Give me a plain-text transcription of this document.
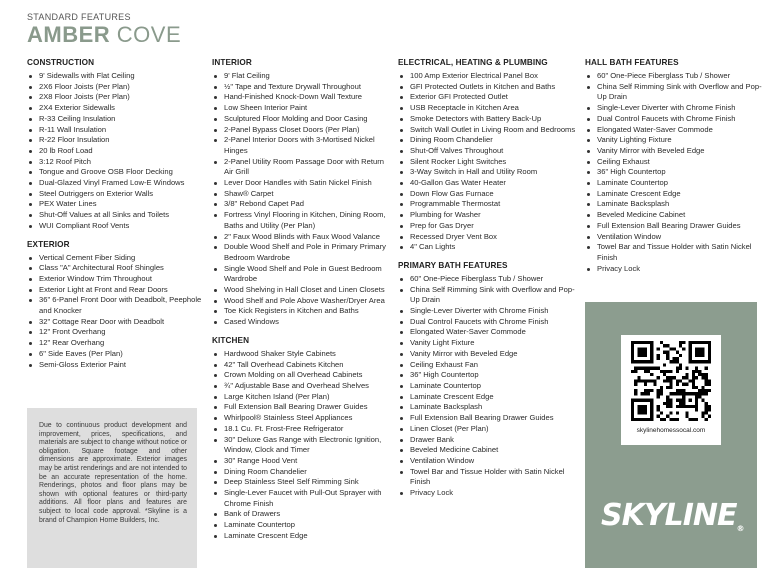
STANDARD FEATURES
AMBER COVE
CONSTRUCTION
9' Sidewalls with Flat Ceiling
2X6 Floor Joists (Per Plan)
2X8 Floor Joists (Per Plan)
2X4 Exterior Sidewalls
R-33 Ceiling Insulation
R-11 Wall Insulation
R-22 Floor Insulation
20 lb Roof Load
3:12 Roof Pitch
Tongue and Groove OSB Floor Decking
Dual-Glazed Vinyl Framed Low-E Windows
Steel Outriggers on Exterior Walls
PEX Water Lines
Shut-Off Values at all Sinks and Toilets
WUI Compliant Roof Vents
EXTERIOR
Vertical Cement Fiber Siding
Class "A" Architectural Roof Shingles
Exterior Window Trim Throughout
Exterior Light at Front and Rear Doors
36" 6-Panel Front Door with Deadbolt, Peephole and Knocker
32" Cottage Rear Door with Deadbolt
12" Front Overhang
12" Rear Overhang
6" Side Eaves (Per Plan)
Semi-Gloss Exterior Paint

Due to continuous product development and improvement, prices, specifications, and materials are subject to change without notice or obligation. Square footage and other dimensions are approximate. Exterior images may be artist renderings and are not intended to be an accurate representation of the home. Renderings, photos and floor plans may be shown with optional features or third-party additions. All floor plans and features are subject to local code approval. *Skyline is a brand of Champion Home Builders, Inc.

INTERIOR
9' Flat Ceiling
½" Tape and Texture Drywall Throughout
Hand-Finished Knock-Down Wall Texture
Low Sheen Interior Paint
Sculptured Floor Molding and Door Casing
2-Panel Bypass Closet Doors (Per Plan)
2-Panel Interior Doors with 3-Mortised Nickel Hinges
2-Panel Utility Room Passage Door with Return Air Grill
Lever Door Handles with Satin Nickel Finish
Shaw® Carpet
3/8" Rebond Capet Pad
Fortress Vinyl Flooring in Kitchen, Dining Room, Baths and Utility (Per Plan)
2" Faux Wood Blinds with Faux Wood Valance
Double Wood Shelf and Pole in Primary Primary Bedroom Wardrobe
Single Wood Shelf and Pole in Guest Bedroom Wardrobe
Wood Shelving in Hall Closet and Linen Closets
Wood Shelf and Pole Above Washer/Dryer Area
Toe Kick Registers in Kitchen and Baths
Cased Windows
KITCHEN
Hardwood Shaker Style Cabinets
42" Tall Overhead Cabinets Kitchen
Crown Molding on all Overhead Cabinets
¾" Adjustable Base and Overhead Shelves
Large Kitchen Island (Per Plan)
Full Extension Ball Bearing Drawer Guides
Whirlpool® Stainless Steel Appliances
18.1 Cu. Ft. Frost-Free Refrigerator
30" Deluxe Gas Range with Electronic Ignition, Window, Clock and Timer
30" Range Hood Vent
Dining Room Chandelier
Deep Stainless Steel Self Rimming Sink
Single-Lever Faucet with Pull-Out Sprayer with Chrome Finish
Bank of Drawers
Laminate Countertop
Laminate Crescent Edge
ELECTRICAL, HEATING & PLUMBING
100 Amp Exterior Electrical Panel Box
GFI Protected Outlets in Kitchen and Baths
Exterior GFI Protected Outlet
USB Receptacle in Kitchen Area
Smoke Detectors with Battery Back-Up
Switch Wall Outlet in Living Room and Bedrooms
Dining Room Chandelier
Shut-Off Valves Throughout
Silent Rocker Light Switches
3-Way Switch in Hall and Utility Room
40-Gallon Gas Water Heater
Down Flow Gas Furnace
Programmable Thermostat
Plumbing for Washer
Prep for Gas Dryer
Recessed Dryer Vent Box
4" Can Lights
PRIMARY BATH FEATURES
60" One-Piece Fiberglass Tub / Shower
China Self Rimming Sink with Overflow and Pop-Up Drain
Single-Lever Diverter with Chrome Finish
Dual Control Faucets with Chrome Finish
Elongated Water-Saver Commode
Vanity Light Fixture
Vanity Mirror with Beveled Edge
Ceiling Exhaust Fan
36" High Countertop
Laminate Countertop
Laminate Crescent Edge
Laminate Backsplash
Full Extension Ball Bearing Drawer Guides
Linen Closet (Per Plan)
Drawer Bank
Beveled Medicine Cabinet
Ventilation Window
Towel Bar and Tissue Holder with Satin Nickel Finish
Privacy Lock
HALL BATH FEATURES
60" One-Piece Fiberglass Tub / Shower
China Self Rimming Sink with Overflow and Pop-Up Drain
Single-Lever Diverter with Chrome Finish
Dual Control Faucets with Chrome Finish
Elongated Water-Saver Commode
Vanity Lighting Fixture
Vanity Mirror with Beveled Edge
Ceiling Exhaust
36" High Countertop
Laminate Countertop
Laminate Crescent Edge
Laminate Backsplash
Beveled Medicine Cabinet
Full Extension Ball Bearing Drawer Guides
Ventilation Window
Towel Bar and Tissue Holder with Satin Nickel Finish
Privacy Lock
skylinehomessocal.com
SKYLINE®
